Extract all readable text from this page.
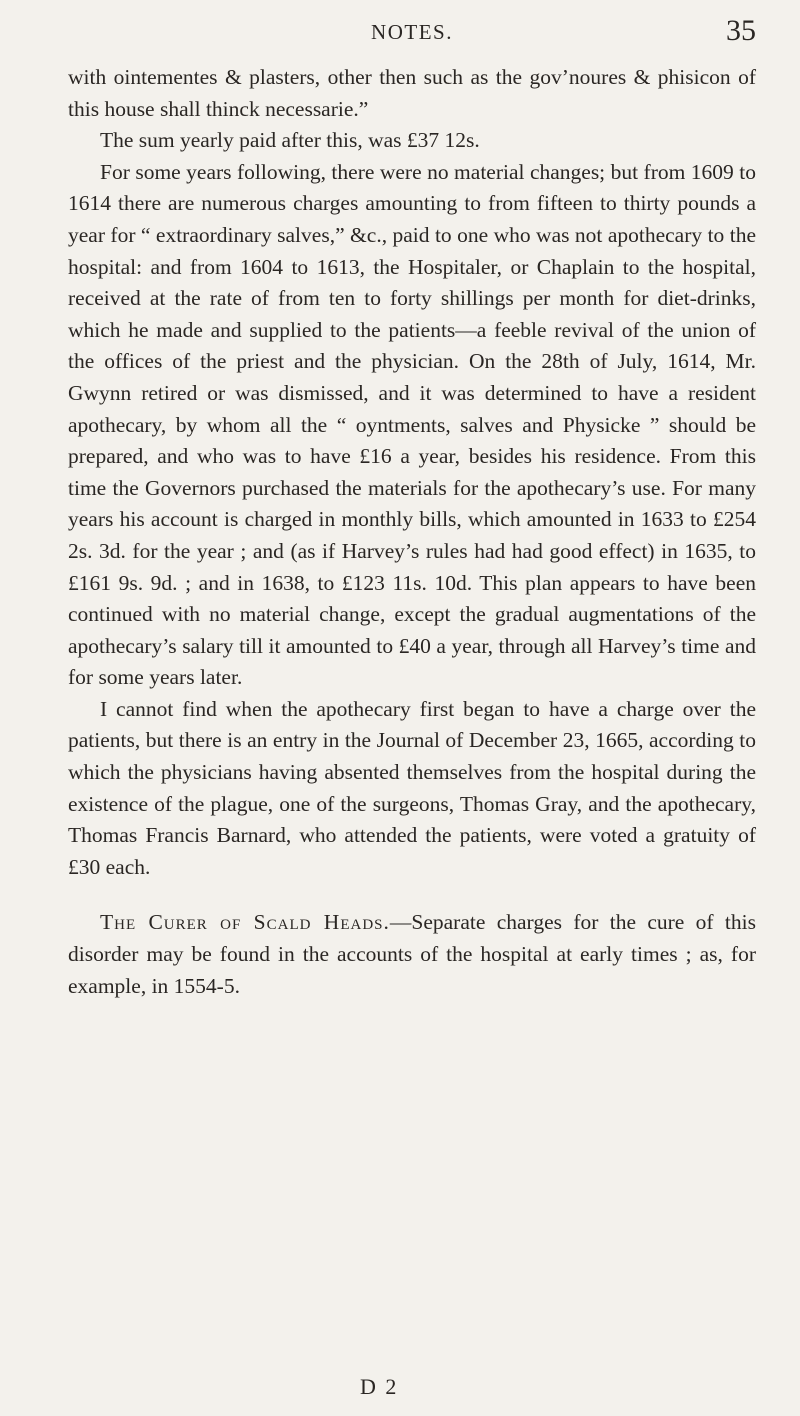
NOTES.	35

with ointementes & plasters, other then such as the gov’noures & phisicon of this house shall thinck necessarie.”

The sum yearly paid after this, was £37 12s.

For some years following, there were no material changes; but from 1609 to 1614 there are numerous charges amounting to from fifteen to thirty pounds a year for “ extraordinary salves,” &c., paid to one who was not apothecary to the hospital: and from 1604 to 1613, the Hospitaler, or Chaplain to the hospital, received at the rate of from ten to forty shillings per month for diet-drinks, which he made and supplied to the patients—a feeble revival of the union of the offices of the priest and the physician. On the 28th of July, 1614, Mr. Gwynn retired or was dismissed, and it was determined to have a resident apothecary, by whom all the “ oyntments, salves and Physicke ” should be prepared, and who was to have £16 a year, besides his residence. From this time the Governors purchased the materials for the apothecary’s use. For many years his account is charged in monthly bills, which amounted in 1633 to £254 2s. 3d. for the year ; and (as if Harvey’s rules had had good effect) in 1635, to £161 9s. 9d. ; and in 1638, to £123 11s. 10d. This plan appears to have been continued with no material change, except the gradual augmentations of the apothecary’s salary till it amounted to £40 a year, through all Harvey’s time and for some years later.

I cannot find when the apothecary first began to have a charge over the patients, but there is an entry in the Journal of December 23, 1665, according to which the physicians having absented themselves from the hospital during the existence of the plague, one of the surgeons, Thomas Gray, and the apothecary, Thomas Francis Barnard, who attended the patients, were voted a gratuity of £30 each.

The Curer of Scald Heads.—Separate charges for the cure of this disorder may be found in the accounts of the hospital at early times ; as, for example, in 1554-5.

D 2
